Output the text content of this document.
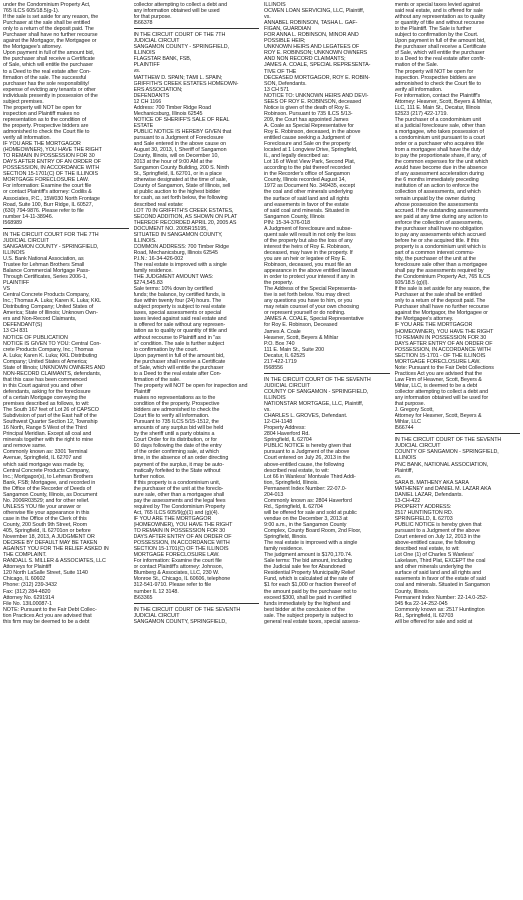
under the Condominium Property Act,
765 ILCS 605/18.5(g-1).
If the sale is set aside for any reason, the
Purchaser at the sale shall be entitled
only to a return of the deposit paid. The
Purchaser shall have no further recourse
against the Mortgagor, the Mortgagee or
the Mortgagee's attorney.
Upon payment in full of the amount bid,
the purchaser shall receive a Certificate
of Sale, which will entitle the purchaser
to a Deed to the real estate after Con-
firmation of the sale. The successful
purchaser has the sole responsibility/
expense of evicting any tenants or other
individuals presently in possession of the
subject premises.
The property will NOT be open for
inspection and Plaintiff makes no
representation as to the condition of
the property. Prospective bidders are
admonished to check the Court file to
verify all information.
IF YOU ARE THE MORTGAGOR
(HOMEOWNER), YOU HAVE THE RIGHT
TO REMAIN IN POSSESSION FOR 30
DAYS AFTER ENTRY OF AN ORDER OF
POSSESSION, IN ACCORDANCE WITH
SECTION 15-1701(C) OF THE ILLINOIS
MORTGAGE FORECLOSURE LAW.
For information: Examine the court file
or contact Plaintiff's attorney: Codilis &
Associates, P.C., 15W030 North Frontage
Road, Suite 100, Burr Ridge, IL 60527,
(630) 794-9876. Please refer to file
number 14-11-38946.
I568989

IN THE CIRCUIT COURT FOR THE 7TH
JUDICIAL CIRCUIT
SANGAMON COUNTY - SPRINGFIELD,
ILLINOIS
U.S. Bank National Association, as
Trustee for Lehman Brothers Small
Balance Commercial Mortgage Pass-
Through Certificates, Series 2006-1,
PLAINTIFF
VS
Central Concrete Products Company,
Inc.; Thomas A. Luka; Karen K. Luka; KKL
Distributing Company; United States of
America; State of Illinois; Unknown Own-
ers and Non-Record Claimants,
DEFENDANT(S)
13 CH 831
NOTICE OF PUBLICATION
NOTICE IS GIVEN TO YOU: Central Con-
crete Products Company, Inc.; Thomas
A. Luka; Karen K. Luka; KKL Distributing
Company; United States of America;
State of Illinois; UNKNOWN OWNERS AND
NON-RECORD CLAIMANTS, defendants,
that this case has been commenced
in this Court against you and other
defendants, asking for the foreclosure
of a certain Mortgage conveying the
premises described as follows, to wit:
The South 167 feet of Lot 26 of CAPSCO
Subdivision of part of the East half of the
Southwest Quarter Section 12, Township
16 North, Range 5 West of the Third
Principal Meridian. Except all coal and
minerals together with the right to mine
and remove same.
Commonly known as: 3301 Terminal
Avenue, Springfield, IL 62707 and
which said mortgage was made by,
Central Concrete Products Company,
Inc.; Mortgagor(s), to Lehman Brothers
Bank, FSB; Mortgagee, and recorded in
the Office of the Recorder of Deeds of
Sangamon County, Illinois, as Document
No. 2006R03529; and for other relief.
UNLESS YOU file your answer or
otherwise file your appearance in this
case in the Office of the Clerk of this
County, 200 South 9th Street, Room
405, Springfield, IL 62701on or before
November 18, 2013, A JUDGMENT OR
DECREE BY DEFAULT MAY BE TAKEN
AGAINST YOU FOR THE RELIEF ASKED IN
THE COMPLAINT.
RANDALL S. MILLER & ASSOCIATES, LLC
Attorneys for Plaintiff
120 North LaSalle Street, Suite 1140
Chicago, IL 60602
Phone: (312) 239-3432
Fax: (312) 284-4820
Attorney No. 6291914
File No. 13IL00087-1
NOTE: Pursuant to the Fair Debt Collec-
tion Practices Act you are advised that
this firm may be deemed to be a debt

collector attempting to collect a debt and
any information obtained will be used
for that purpose.
I566378

IN THE CIRCUIT COURT OF THE 7TH
JUDICIAL CIRCUIT
SANGAMON COUNTY - SPRINGFIELD,
ILLINOIS
FLAGSTAR BANK, FSB,
PLAINTIFF
vs.
MATTHEW D. SPAIN; TAMI L. SPAIN;
GRIFFITH'S CREEK ESTATES HOMEOWN-
ERS ASSOCIATION;
DEFENDANTS
12 CH 1166
Address: 700 Timber Ridge Road
Mechanicsburg, Illinois 62545
NOTICE OF SHERIFF'S SALE OF REAL
ESTATE
PUBLIC NOTICE IS HEREBY GIVEN that
pursuant to a Judgment of Foreclosure
and Sale entered in the above cause on
August 30, 2013, I, Sheriff of Sangamon
County, Illinois, will on December 10,
2013 at the hour of 9:00 AM at the
Sangamon County Building, 200 S. Ninth
St., Springfield, IL 62701, or in a place
otherwise designated at the time of sale,
County of Sangamon, State of Illinois, sell
at public auction to the highest bidder
for cash, as set forth below, the following
described real estate:
LOT 70 IN GRIFFITH'S CREEK ESTATES,
SECOND ADDITION, AS SHOWN ON PLAT
THEREOF RECORDED APRIL 20, 2005 AS
DOCUMENT NO. 2005R15195,
SITUATED IN SANGAMON COUNTY,
ILLINOIS.
COMMON ADDRESS: 700 Timber Ridge
Road, Mechanicsburg, Illinois 62545
P.I.N.: 16-34-426-002
The real estate is improved with a single
family residence.
THE JUDGMENT AMOUNT WAS:
$274,545.83
Sale terms: 10% down by certified
funds; the balance, by certified funds, is
due within twenty four (24) hours. The
subject property is subject to real estate
taxes, special assessments or special
taxes levied against said real estate and
is offered for sale without any represen-
tation as to quality or quantity of title and
without recourse to Plaintiff and in "as
is" condition. The sale is further subject
to confirmation by the court.
Upon payment in full of the amount bid,
the purchaser shall receive a Certificate
of Sale, which will entitle the purchaser
to a Deed to the real estate after Con-
firmation of the sale.
The property will NOT be open for inspection and Plaintiff
makes no representations as to the
condition of the property. Prospective
bidders are admonished to check the
Court file to verify all information.
Pursuant to 735 ILCS 5/15-1512, the
amounts of any surplus bid will be held
by the sheriff until a party obtains a
Court Order for its distribution, or for
60 days following the date of the entry
of the order confirming sale, at which
time, in the absence of an order directing
payment of the surplus, it may be auto-
matically forfeited to the State without
further notice.
If this property is a condominium unit,
the purchaser of the unit at the foreclo-
sure sale, other than a mortgagee shall
pay the assessments and the legal fees
required by The Condominium Property
Act, 765 ILCS 605/9(g)(1) and (g)(4).
IF YOU ARE THE MORTGAGOR
(HOMEOWNER), YOU HAVE THE RIGHT
TO REMAIN IN POSSESSION FOR 30
DAYS AFTER ENTRY OF AN ORDER OF
POSSESSION, IN ACCORDANCE WITH
SECTION 15-1701(C) OF THE ILLINOIS
MORTGAGE FORECLOSURE LAW.
For information: Examine the court file
or contact Plaintiff's attorney: Johnson,
Blumberg & Associates, LLC, 230 W.
Monroe St., Chicago, IL 60606, telephone
312-541-9710. Please refer to file
number IL 12 3148.
I563365

IN THE CIRCUIT COURT OF THE SEVENTH
JUDICIAL CIRCUIT
SANGAMON COUNTY, SPRINGFIELD,

ILLINOIS
OCWEN LOAN SERVICING, LLC, Plaintiff,
vs.
ANNABEL ROBINSON, TASHA L. GAF-
FIGAN, GUARDIAN
FOR ANNA L. ROBINSON, MINOR AND
POSSIBLE HEIR;
UNKNOWN HEIRS AND LEGATEES OF
ROY E. ROBINSON; UNKNOWN OWNERS
AND NON RECORD CLAIMANTS;
JAMES A. COALE, SPECIAL REPRESENTA-
TIVE OF THE
DECEASED MORTGAGOR, ROY E. ROBIN-
SON, Defendants.
13 CH 571
NOTICE TO: UNKNOWN HEIRS AND DEVI-
SEES OF ROY E. ROBINSON, deceased
Notice is given of the death of Roy E.
Robinson. Pursuant to 735 ILCS 5/13-
209, the Court has appointed James
A. Coale as Special Representative for
Roy E. Robinson, deceased, in the above
entitled cause seeking a Judgment of
Foreclosure and Sale on the property
located at 1 Longview Drive, Springfield,
IL, and legally described as:
Lot 16 of West View Park, Second Plat,
according to the plat thereof recorded
in the Recorder's office of Sangamon
County, Illinois recorded August 14,
1972 as Document No. 349435, except
the coal and other minerals underlying
the surface of said land and all rights
and easements in favor of the estate
of said coal and minerals. Situated in
Sangamon County, Illinois
PIN: 15-34-376-018
A Judgment of foreclosure and subse-
quent sale will result in not only the loss
of the property but also the loss of any
interest the heirs of Roy E. Robinson,
deceased, may have in the property. If
you are an heir or legatee of Roy E.
Robinson, deceased, you must file an
appearance in the above entitled lawsuit
in order to protect your interest if any in
the property.
The Address of the Special Representa-
tive is set forth below. You may direct
any questions you have to him, or you
may retain counsel of your own choosing
or represent yourself or do nothing.
JAMES A. COALE, Special Representative
for Roy E. Robinson, Deceased
James A. Coale
Heavner, Scott, Beyers & Mihlar
P.O. Box 740
111 E. Main St., Suite 200
Decatur, IL 62525
217-422-1719
I568556

IN THE CIRCUIT COURT OF THE SEVENTH
JUDICIAL CIRCUIT
COUNTY OF SANGAMON - SPRINGFIELD,
ILLINOIS
NATIONSTAR MORTGAGE, LLC, Plaintiff,
vs.
CHARLES L. GROVES, Defendant.
12-CH-1148
Property Address:
2804 Haverford Rd.
Springfield, IL 62704
PUBLIC NOTICE is hereby given that
pursuant to a Judgment of the above
Court entered on July 26, 2013 in the
above-entitled cause, the following
described real estate, to wit:
Lot 66 in Wanless' Montvale Third Addi-
tion, Springfield, Illinois.
Permanent Index Number: 22-07.0-
204-013
Commonly known as: 2804 Haverford
Rd., Springfield, IL 62704
will be offered for sale and sold at public
vendue on the December 3, 2013 at
9:00 a.m., in the Sangamon County
Complex, County Board Room, 2nd Floor,
Springfield, Illinois.
The real estate is improved with a single
family residence.
The judgment amount is $170,170.74.
Sale terms: The bid amount, including
the Judicial sale fee for Abandoned
Residential Property Municipality Relief
Fund, which is calculated at the rate of
$1 for each $1,000 or fraction thereof of
the amount paid by the purchaser not to
exceed $300, shall be paid in certified
funds immediately by the highest and
best bidder at the conclusion of the
sale. The subject property is subject to
general real estate taxes, special assess-

ments or special taxes levied against
said real estate, and is offered for sale
without any representation as to quality
or quantity of title and without recourse
to the Plaintiff. The Sale is further
subject to confirmation by the Court.
Upon payment in full of the amount bid,
the purchaser shall receive a Certificate
of Sale, which will entitle the purchaser
to a Deed to the real estate after confir-
mation of the Sale.
The property will NOT be open for
inspection. Prospective bidders are
admonished to check the Court file to
verify all information.
For information, contact the Plaintiff's
Attorney: Heavner, Scott, Beyers & Mihlar,
LLC, 111 E. Main St., Decatur, Illinois
62523 (217) 422-1719.
The purchaser of a condominium unit
at a judicial foreclosure sale, other than
a mortgagee, who takes possession of
a condominium unit pursuant to a court
order or a purchaser who acquires title
from a mortgagee shall have the duty
to pay the proportionate share, if any, of
the common expenses for the unit which
would have become due in the absence
of any assessment acceleration during
the 6 months immediately preceding
institution of an action to enforce the
collection of assessments, and which
remain unpaid by the owner during
whose possession the assessments
accrued. If the outstanding assessments
are paid at any time during any action to
enforce the collection of assessments,
the purchaser shall have no obligation
to pay any assessments which accrued
before he or she acquired title. If this
property is a condominium unit which is
part of a common interest commu-
nity, the purchaser of the unit at the
foreclosure sale other than a mortgagee
shall pay the assessments required by
the Condominium Property Act, 765 ILCS
605/18.5 (g)(l).
If the sale is set aside for any reason, the
Purchaser at the sale shall be entitled
only to a return of the deposit paid. The
Purchaser shall have no further recourse
against the Mortgagor, the Mortgagee or
the Mortgagee's attorney.
IF YOU ARE THE MORTGAGOR
(HOMEOWNER), YOU HAVE THE RIGHT
TO REMAIN IN POSSESSION FOR 30
DAYS AFTER ENTRY OF AN ORDER OF
POSSESSION, IN ACCORDANCE WITH
SECTION 15-1701 - OF THE ILLINOIS
MORTGAGE FORECLOSURE LAW.
Note: Pursuant to the Fair Debt Collections
Practices Act you are advised that the
Law Firm of Heavner, Scott, Beyers &
Mihlar, LLC, is deemed to be a debt
collector attempting to collect a debt and
any information obtained will be used for
that purpose.
J. Gregory Scott,
Attorney for Heavner, Scott, Beyers &
Mihlar, LLC
I566744

IN THE CIRCUIT COURT OF THE SEVENTH
JUDICIAL CIRCUIT
COUNTY OF SANGAMON - SPRINGFIELD,
ILLINOIS
PNC BANK, NATIONAL ASSOCIATION,
Plaintiff,
vs.
SARA B. MATHENY AKA SARA
MATHENEY and DANIEL M. LAZAR AKA
DANIEL LAZAR, Defendants.
13-CH-422
PROPERTY ADDRESS:
2517 HUNTINGTON RD.
SPRINGFIELD, IL 62703
PUBLIC NOTICE is hereby given that
pursuant to a Judgment of the above
Court entered on July 12, 2013 in the
above-entitled cause, the following
described real estate, to wit:
Lot One (1) of Charles S Wanless'
Lakelawn, Third Plat, EXCEPT the coal
and other minerals underlying the
surface of said land and all rights and
easements in favor of the estate of said
coal and minerals. Situated in Sangamon
County, Illinois.
Permanent Index Number: 22-14.0-252-
045 fka 22-14-252-045
Commonly known as: 2517 Huntington
Rd., Springfield, IL 62703
will be offered for sale and sold at
